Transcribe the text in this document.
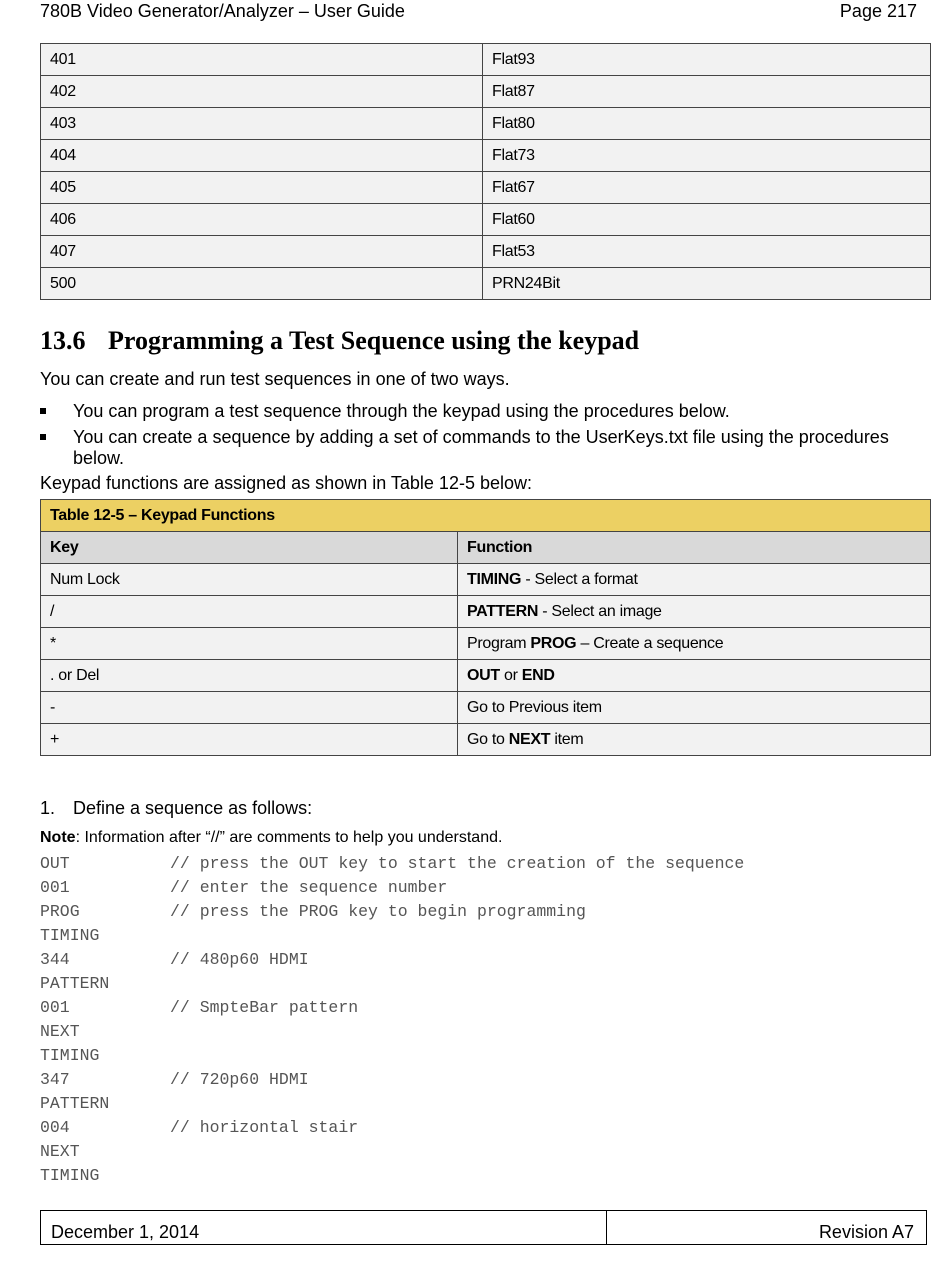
780B Video Generator/Analyzer – User Guide	Page 217
401	Flat93
402	Flat87
403	Flat80
404	Flat73
405	Flat67
406	Flat60
407	Flat53
500	PRN24Bit
13.6 Programming a Test Sequence using the keypad
You can create and run test sequences in one of two ways.
You can program a test sequence through the keypad using the procedures below.
You can create a sequence by adding a set of commands to the UserKeys.txt file using the procedures below.
Keypad functions are assigned as shown in Table 12-5 below:
Table 12-5 – Keypad Functions	
Key	Function
Num Lock	TIMING - Select a format
/	PATTERN - Select an image
*	Program PROG – Create a sequence
. or Del	OUT or END
-	Go to Previous item
+	Go to NEXT item
1. Define a sequence as follows:
Note: Information after “//” are comments to help you understand.
OUT	// press the OUT key to start the creation of the sequence
001	// enter the sequence number
PROG	// press the PROG key to begin programming
TIMING
344	// 480p60 HDMI
PATTERN
001	// SmpteBar pattern
NEXT
TIMING
347	// 720p60 HDMI
PATTERN
004	// horizontal stair
NEXT
TIMING
December 1, 2014	Revision A7
